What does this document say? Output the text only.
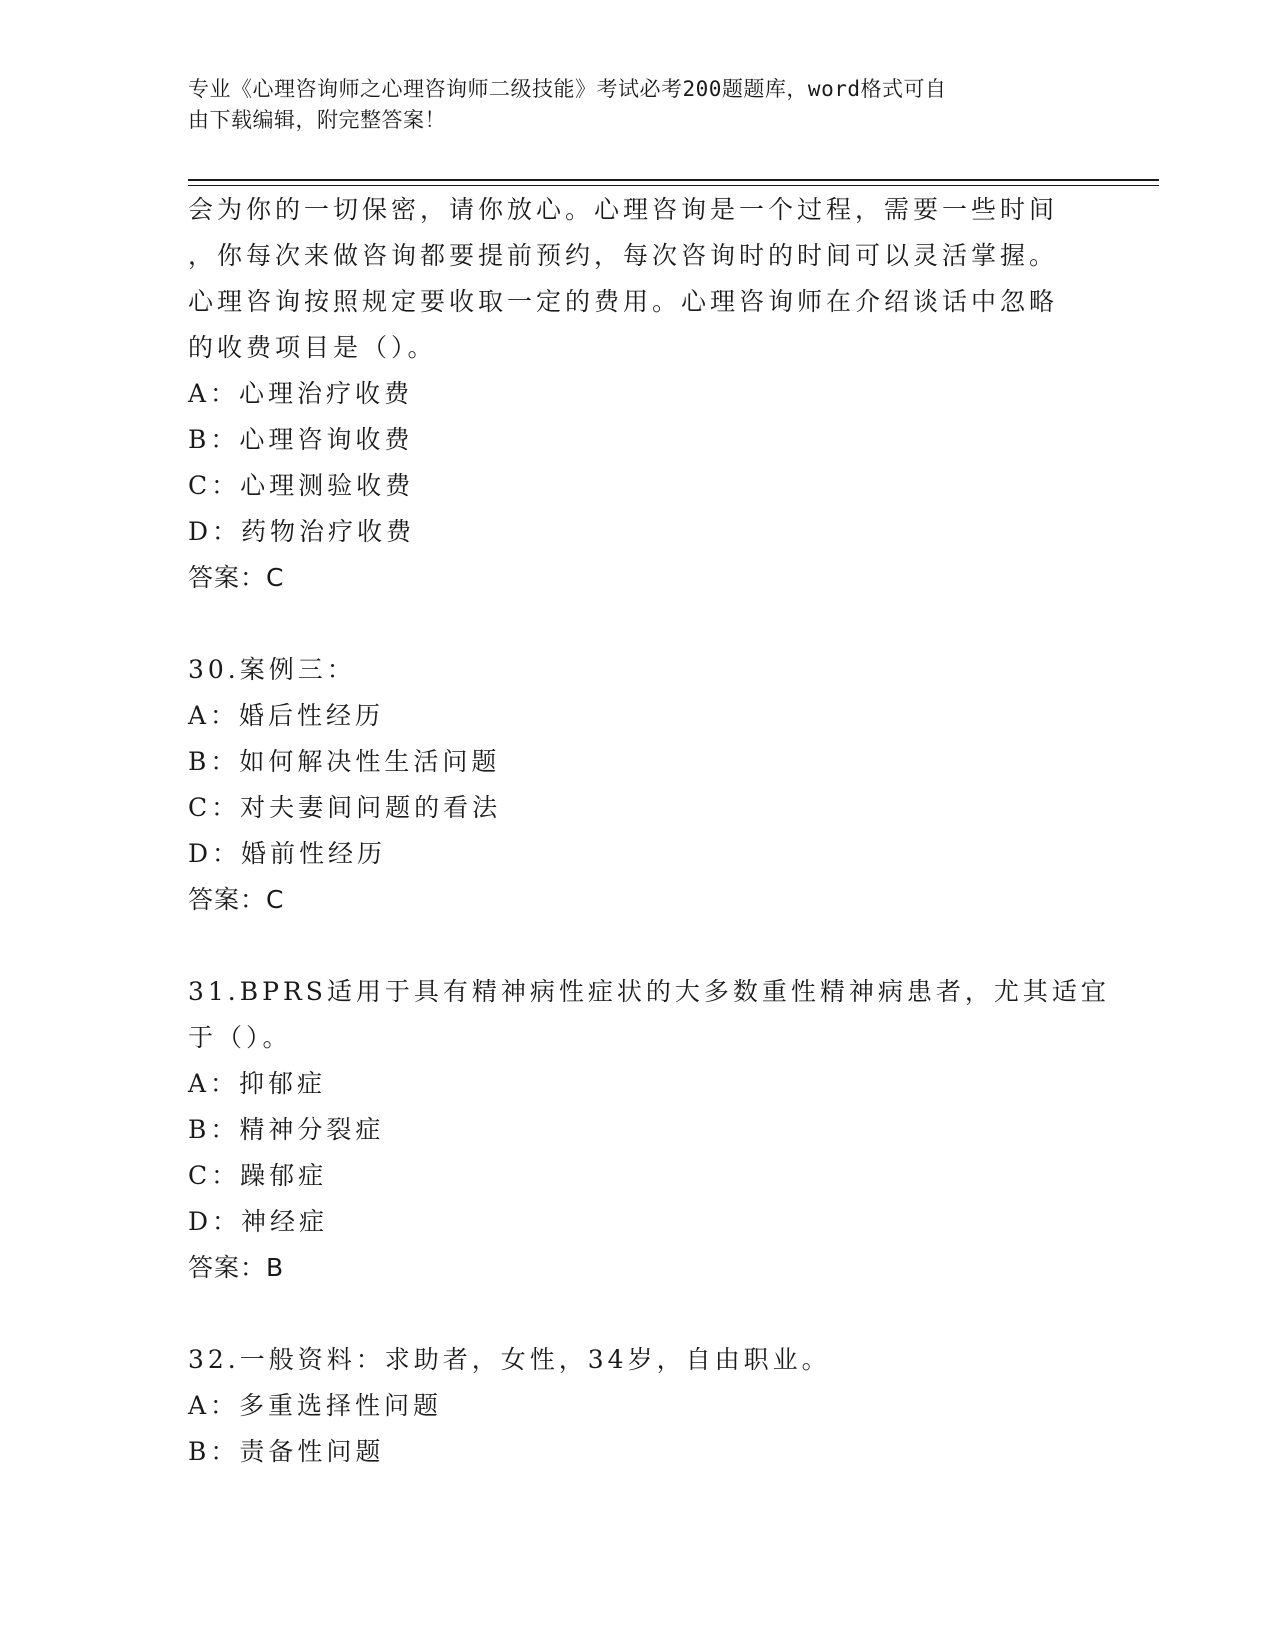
专业《心理咨询师之心理咨询师二级技能》考试必考200题题库，word格式可自
由下载编辑，附完整答案！
会为你的一切保密，请你放心。心理咨询是一个过程，需要一些时间
，你每次来做咨询都要提前预约，每次咨询时的时间可以灵活掌握。
心理咨询按照规定要收取一定的费用。心理咨询师在介绍谈话中忽略
的收费项目是（）。
A：心理治疗收费
B：心理咨询收费
C：心理测验收费
D：药物治疗收费
答案：C
30.案例三：
A：婚后性经历
B：如何解决性生活问题
C：对夫妻间问题的看法
D：婚前性经历
答案：C
31.BPRS适用于具有精神病性症状的大多数重性精神病患者，尤其适宜
于（）。
A：抑郁症
B：精神分裂症
C：躁郁症
D：神经症
答案：B
32.一般资料：求助者，女性，34岁，自由职业。
A：多重选择性问题
B：责备性问题
